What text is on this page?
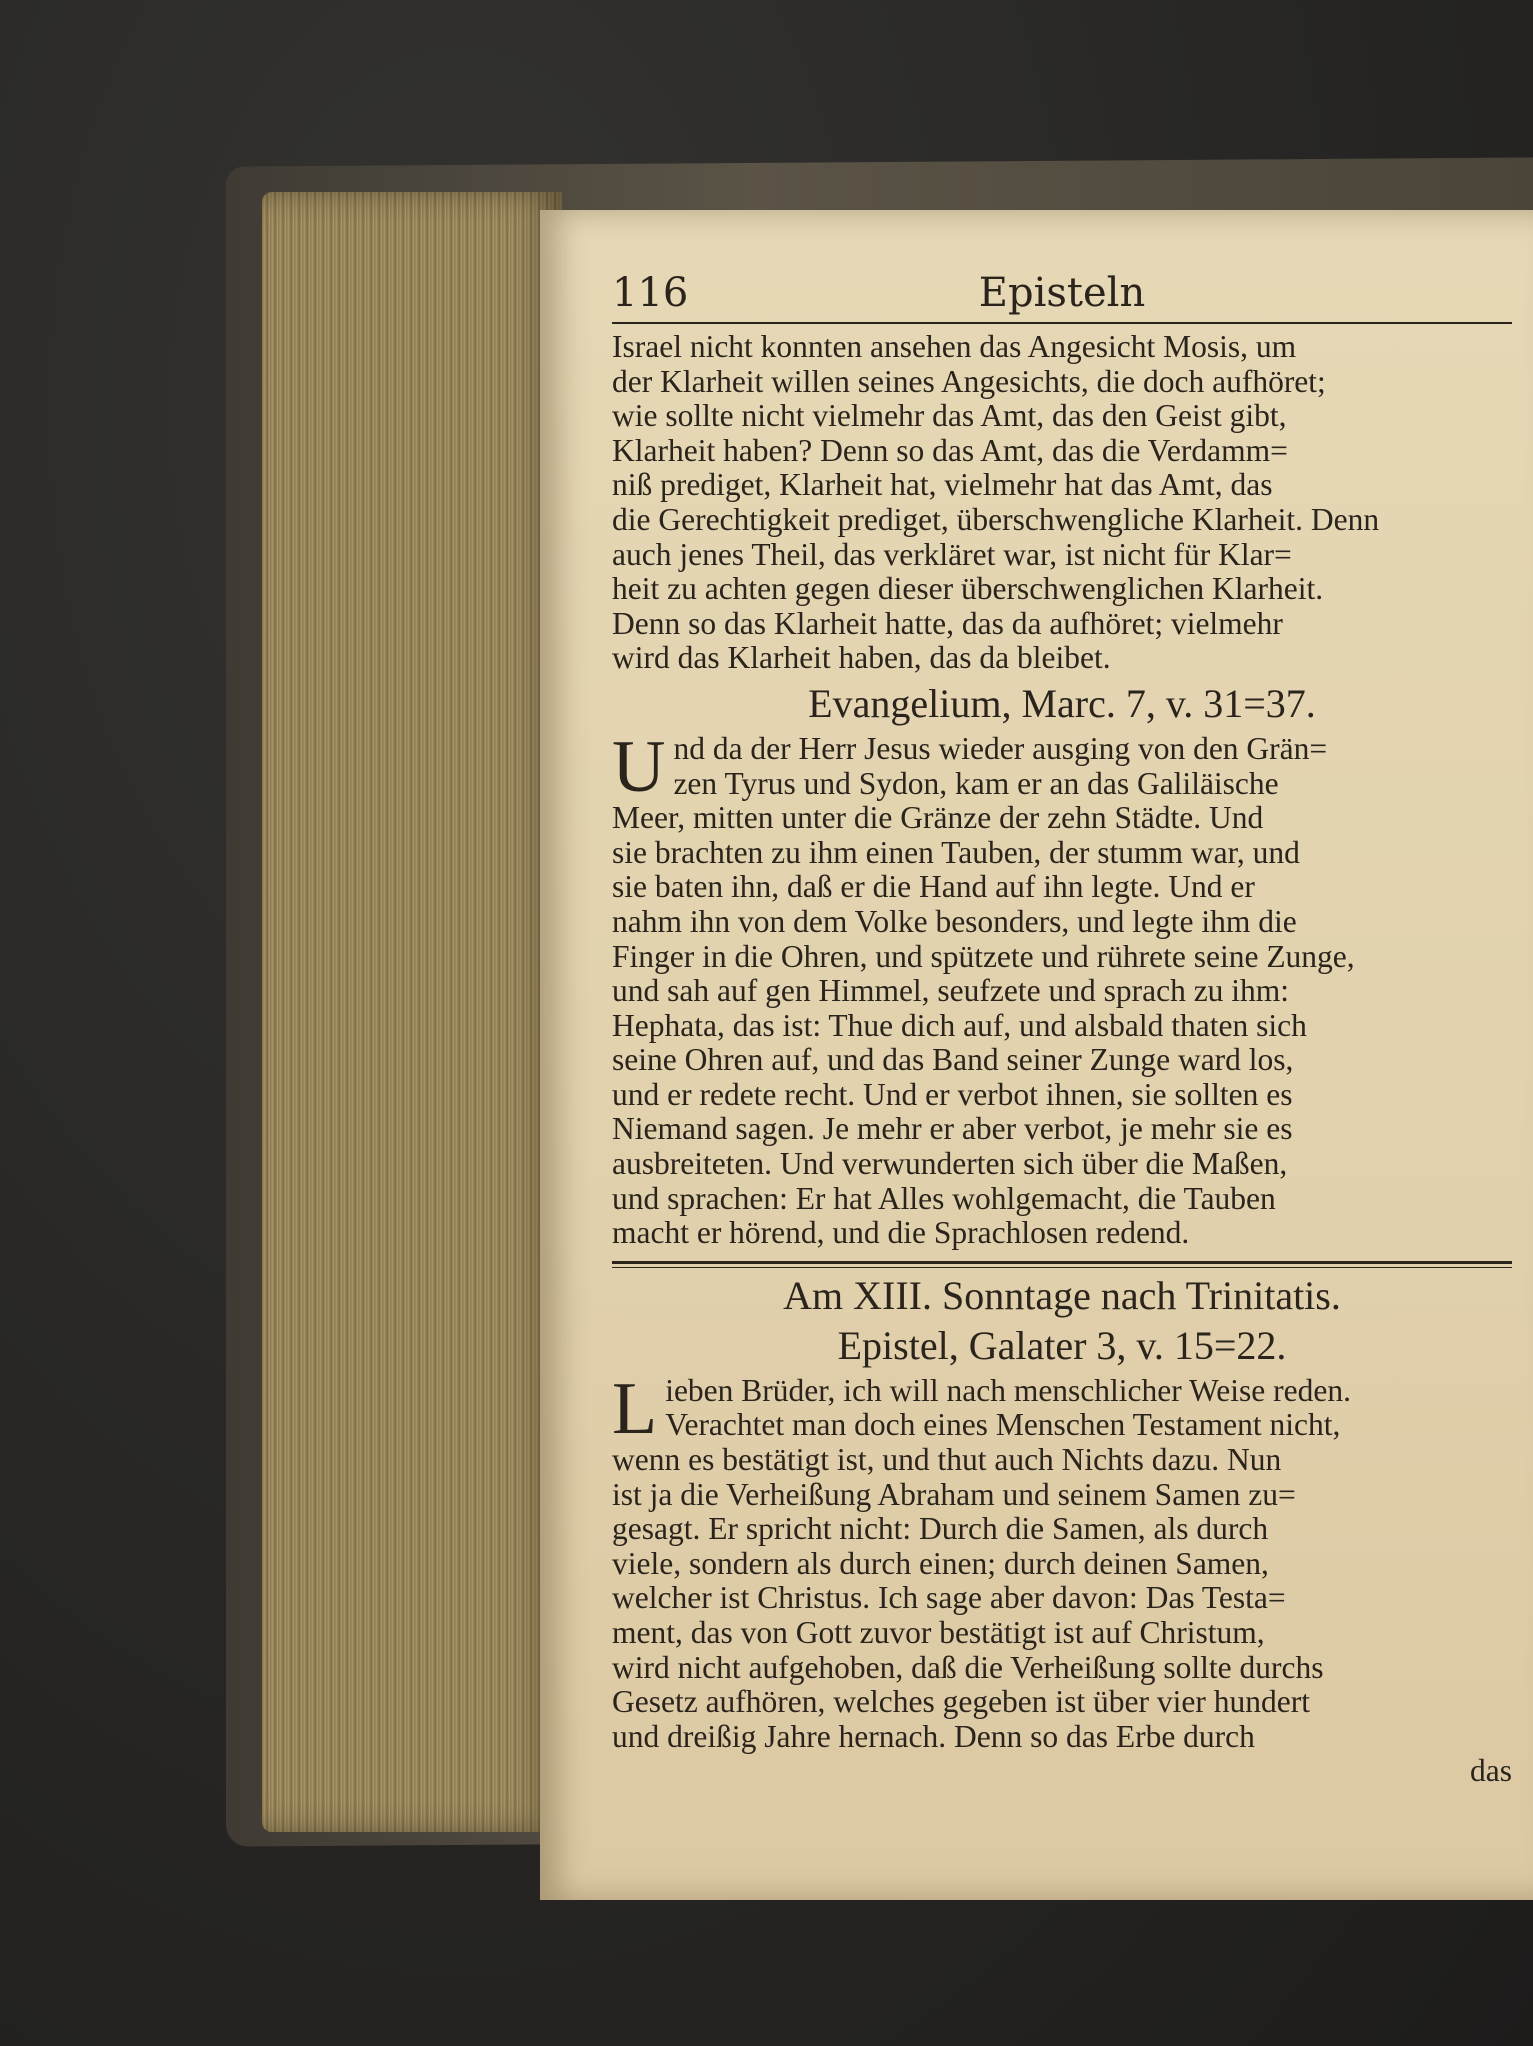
116	Episteln
Israel nicht konnten ansehen das Angesicht Mosis, um
der Klarheit willen seines Angesichts, die doch aufhöret;
wie sollte nicht vielmehr das Amt, das den Geist gibt,
Klarheit haben? Denn so das Amt, das die Verdamm=
niß prediget, Klarheit hat, vielmehr hat das Amt, das
die Gerechtigkeit prediget, überschwengliche Klarheit. Denn
auch jenes Theil, das verkläret war, ist nicht für Klar=
heit zu achten gegen dieser überschwenglichen Klarheit.
Denn so das Klarheit hatte, das da aufhöret; vielmehr
wird das Klarheit haben, das da bleibet.
Evangelium, Marc. 7, v. 31=37.
U nd da der Herr Jesus wieder ausging von den Grän=
zen Tyrus und Sydon, kam er an das Galiläische
Meer, mitten unter die Gränze der zehn Städte. Und
sie brachten zu ihm einen Tauben, der stumm war, und
sie baten ihn, daß er die Hand auf ihn legte. Und er
nahm ihn von dem Volke besonders, und legte ihm die
Finger in die Ohren, und spützete und rührete seine Zunge,
und sah auf gen Himmel, seufzete und sprach zu ihm:
Hephata, das ist: Thue dich auf, und alsbald thaten sich
seine Ohren auf, und das Band seiner Zunge ward los,
und er redete recht. Und er verbot ihnen, sie sollten es
Niemand sagen. Je mehr er aber verbot, je mehr sie es
ausbreiteten. Und verwunderten sich über die Maßen,
und sprachen: Er hat Alles wohlgemacht, die Tauben
macht er hörend, und die Sprachlosen redend.
Am XIII. Sonntage nach Trinitatis.
Epistel, Galater 3, v. 15=22.
L ieben Brüder, ich will nach menschlicher Weise reden.
Verachtet man doch eines Menschen Testament nicht,
wenn es bestätigt ist, und thut auch Nichts dazu. Nun
ist ja die Verheißung Abraham und seinem Samen zu=
gesagt. Er spricht nicht: Durch die Samen, als durch
viele, sondern als durch einen; durch deinen Samen,
welcher ist Christus. Ich sage aber davon: Das Testa=
ment, das von Gott zuvor bestätigt ist auf Christum,
wird nicht aufgehoben, daß die Verheißung sollte durchs
Gesetz aufhören, welches gegeben ist über vier hundert
und dreißig Jahre hernach. Denn so das Erbe durch
das
